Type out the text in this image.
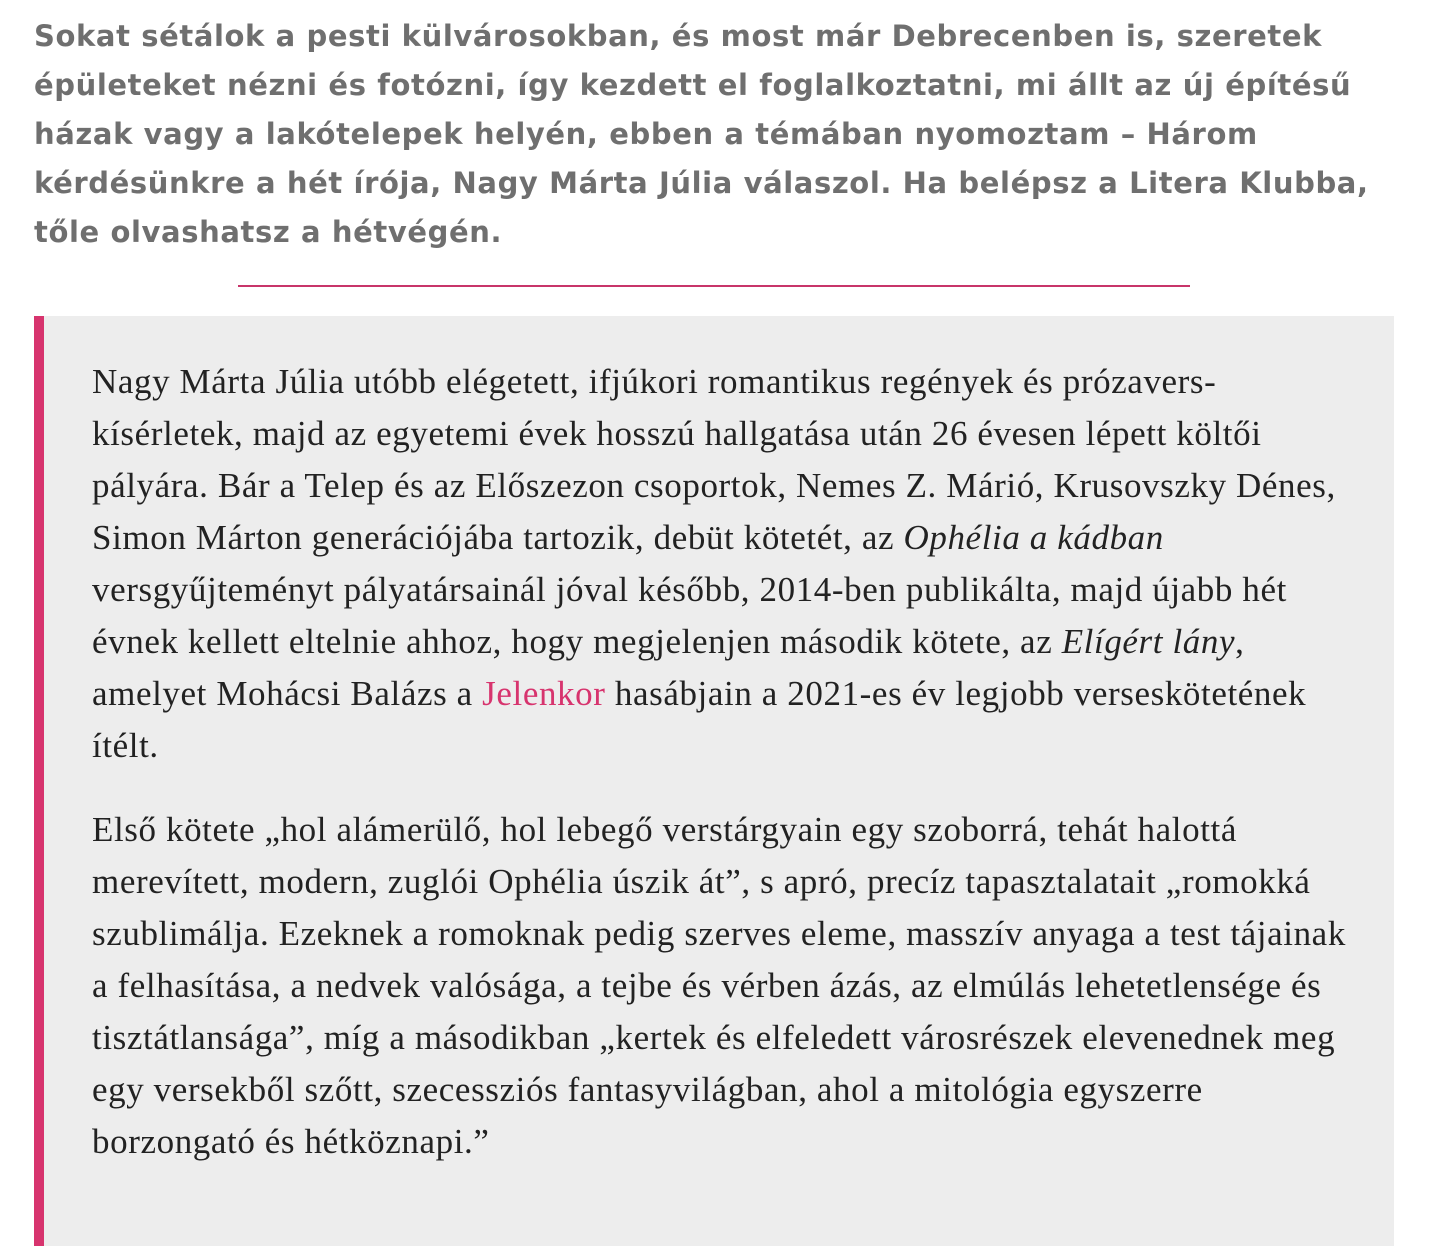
Sokat sétálok a pesti külvárosokban, és most már Debrecenben is, szeretek épületeket nézni és fotózni, így kezdett el foglalkoztatni, mi állt az új építésű házak vagy a lakótelepek helyén, ebben a témában nyomoztam – Három kérdésünkre a hét írója, Nagy Márta Júlia válaszol. Ha belépsz a Litera Klubba, tőle olvashatsz a hétvégén.

Nagy Márta Júlia utóbb elégetett, ifjúkori romantikus regények és prózavers-kísérletek, majd az egyetemi évek hosszú hallgatása után 26 évesen lépett költői pályára. Bár a Telep és az Előszezon csoportok, Nemes Z. Márió, Krusovszky Dénes, Simon Márton generációjába tartozik, debüt kötetét, az Ophélia a kádban versgyűjteményt pályatársainál jóval később, 2014-ben publikálta, majd újabb hét évnek kellett eltelnie ahhoz, hogy megjelenjen második kötete, az Elígért lány, amelyet Mohácsi Balázs a Jelenkor hasábjain a 2021-es év legjobb verseskötetének ítélt.

Első kötete „hol alámerülő, hol lebegő verstárgyain egy szoborrá, tehát halottá merevített, modern, zuglói Ophélia úszik át”, s apró, precíz tapasztalatait „romokká szublimálja. Ezeknek a romoknak pedig szerves eleme, masszív anyaga a test tájainak a felhasítása, a nedvek valósága, a tejbe és vérben ázás, az elmúlás lehetetlensége és tisztátlansága”, míg a másodikban „kertek és elfeledett városrészek elevenednek meg egy versekből szőtt, szecessziós fantasyvilágban, ahol a mitológia egyszerre borzongató és hétköznapi.”
